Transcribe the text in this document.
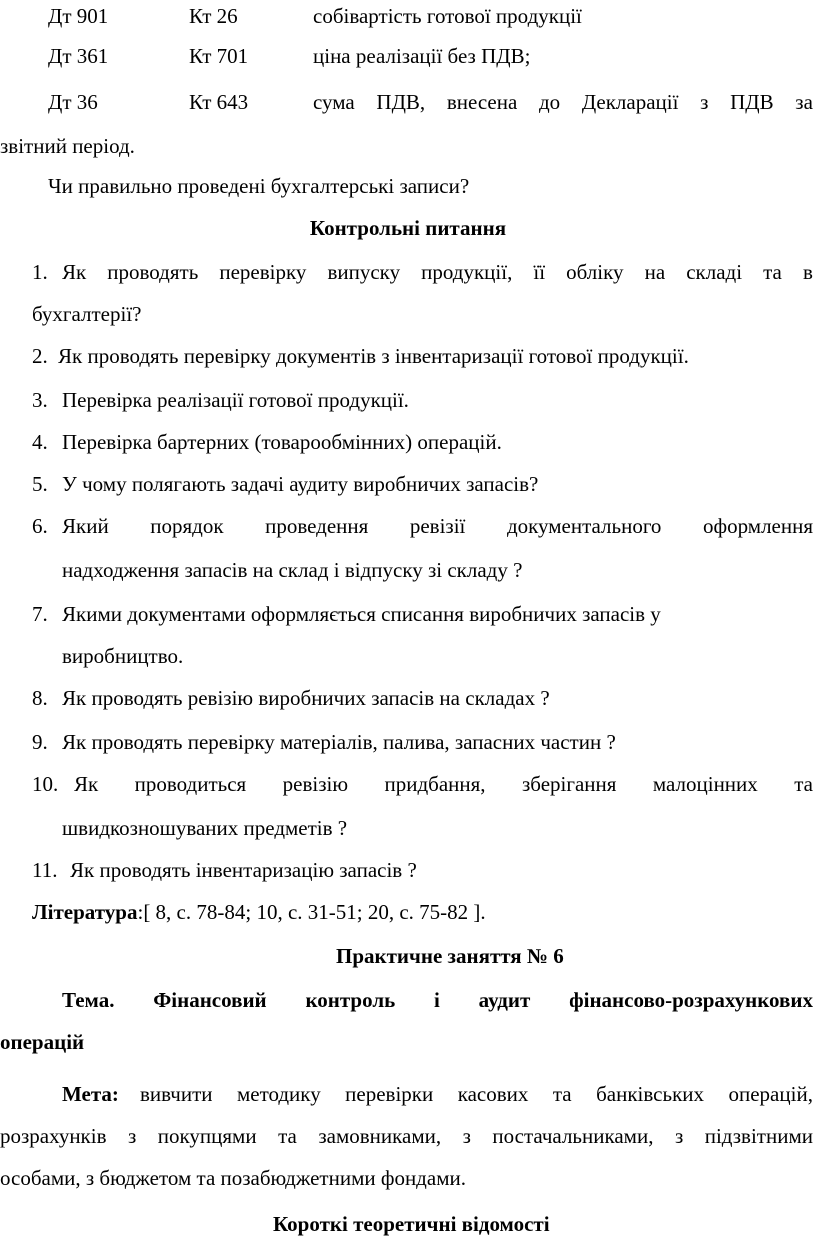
Дт 901	Кт 26	собівартість готової продукції
Дт 361	Кт 701	ціна реалізації без ПДВ;
Дт 36	Кт 643	сума ПДВ, внесена до Декларації з ПДВ за
звітний період.
Чи правильно проведені бухгалтерські записи?
Контрольні питання
1. Як проводять перевірку випуску продукції, її обліку на складі та в
бухгалтерії?
2. Як проводять перевірку документів з інвентаризації готової продукції.
3. Перевірка реалізації готової продукції.
4. Перевірка бартерних (товарообмінних) операцій.
5. У чому полягають задачі аудиту виробничих запасів?
6. Який порядок проведення ревізії документального оформлення
надходження запасів на склад і відпуску зі складу ?
7. Якими документами оформляється списання виробничих запасів у
виробництво.
8. Як проводять ревізію виробничих запасів на складах ?
9. Як проводять перевірку матеріалів, палива, запасних частин ?
10. Як проводиться ревізію придбання, зберігання малоцінних та
швидкозношуваних предметів ?
11. Як проводять інвентаризацію запасів ?
Література:[ 8, с. 78-84; 10, с. 31-51; 20, с. 75-82 ].
Практичне заняття № 6
Тема. Фінансовий контроль і аудит фінансово-розрахункових
операцій
Мета: вивчити методику перевірки касових та банківських операцій,
розрахунків з покупцями та замовниками, з постачальниками, з підзвітними
особами, з бюджетом та позабюджетними фондами.
Короткі теоретичні відомості
